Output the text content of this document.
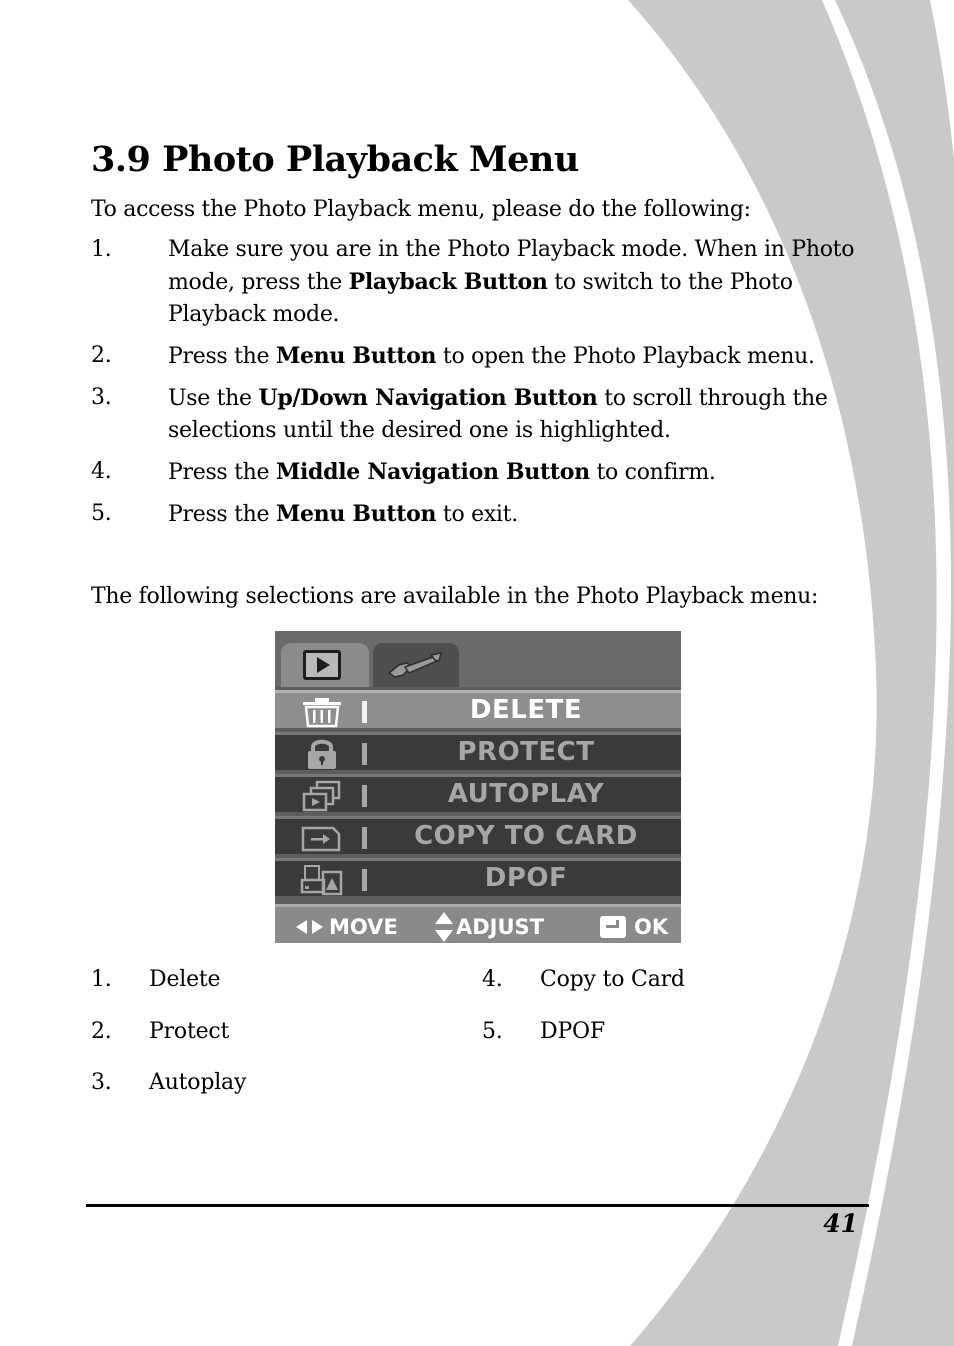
3.9 Photo Playback Menu

To access the Photo Playback menu, please do the following:

1.	Make sure you are in the Photo Playback mode. When in Photo mode, press the Playback Button to switch to the Photo Playback mode.
2.	Press the Menu Button to open the Photo Playback menu.
3.	Use the Up/Down Navigation Button to scroll through the selections until the desired one is highlighted.
4.	Press the Middle Navigation Button to confirm.
5.	Press the Menu Button to exit.

The following selections are available in the Photo Playback menu:

DELETE
PROTECT
AUTOPLAY
COPY TO CARD
DPOF
MOVE	ADJUST	OK
1. Delete
2. Protect
3. Autoplay
4. Copy to Card
5. DPOF
41
